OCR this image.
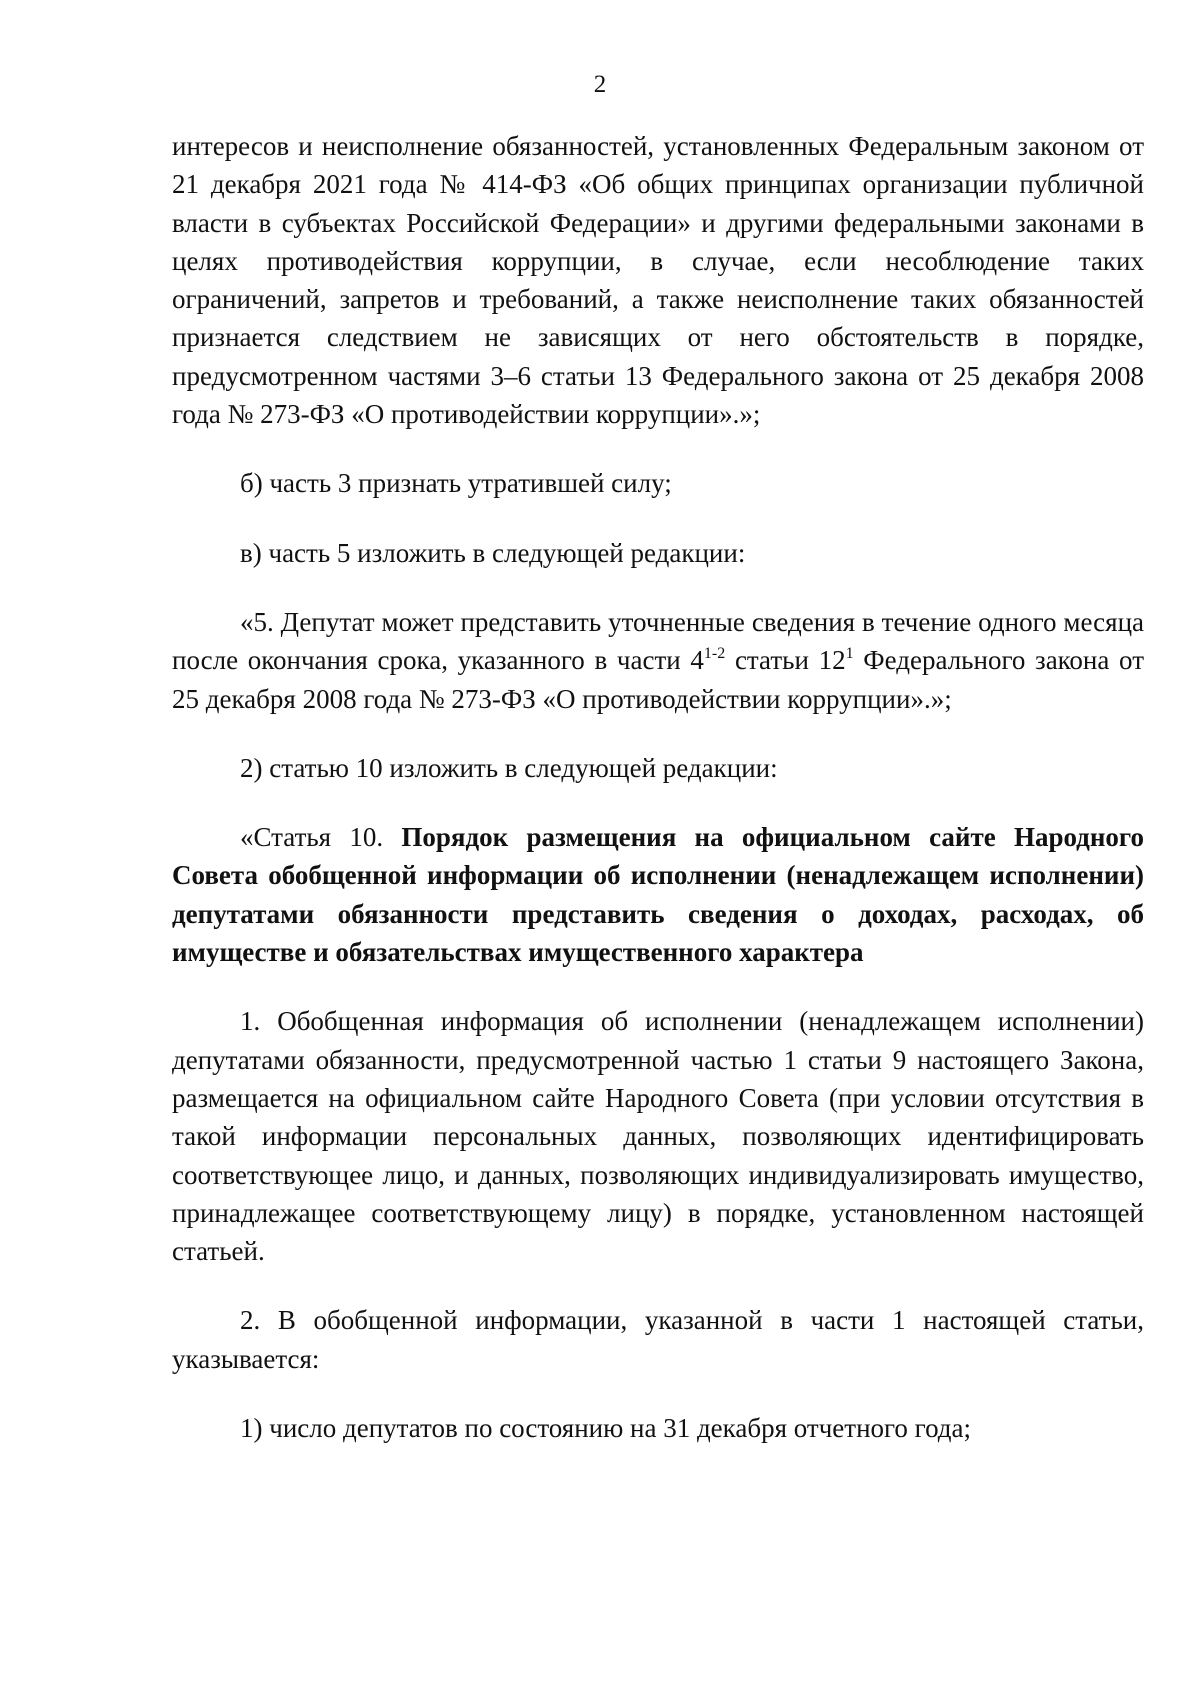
2

интересов и неисполнение обязанностей, установленных Федеральным законом от 21 декабря 2021 года № 414-ФЗ «Об общих принципах организации публичной власти в субъектах Российской Федерации» и другими федеральными законами в целях противодействия коррупции, в случае, если несоблюдение таких ограничений, запретов и требований, а также неисполнение таких обязанностей признается следствием не зависящих от него обстоятельств в порядке, предусмотренном частями 3–6 статьи 13 Федерального закона от 25 декабря 2008 года № 273-ФЗ «О противодействии коррупции».»;

б) часть 3 признать утратившей силу;

в) часть 5 изложить в следующей редакции:

«5. Депутат может представить уточненные сведения в течение одного месяца после окончания срока, указанного в части 4$^{1-2}$ статьи $12^1$ Федерального закона от 25 декабря 2008 года № 273-ФЗ «О противодействии коррупции».»;

2) статью 10 изложить в следующей редакции:

«Статья 10. Порядок размещения на официальном сайте Народного Совета обобщенной информации об исполнении (ненадлежащем исполнении) депутатами обязанности представить сведения о доходах, расходах, об имуществе и обязательствах имущественного характера

1. Обобщенная информация об исполнении (ненадлежащем исполнении) депутатами обязанности, предусмотренной частью 1 статьи 9 настоящего Закона, размещается на официальном сайте Народного Совета (при условии отсутствия в такой информации персональных данных, позволяющих идентифицировать соответствующее лицо, и данных, позволяющих индивидуализировать имущество, принадлежащее соответствующему лицу) в порядке, установленном настоящей статьей.

2. В обобщенной информации, указанной в части 1 настоящей статьи, указывается:

1) число депутатов по состоянию на 31 декабря отчетного года;
